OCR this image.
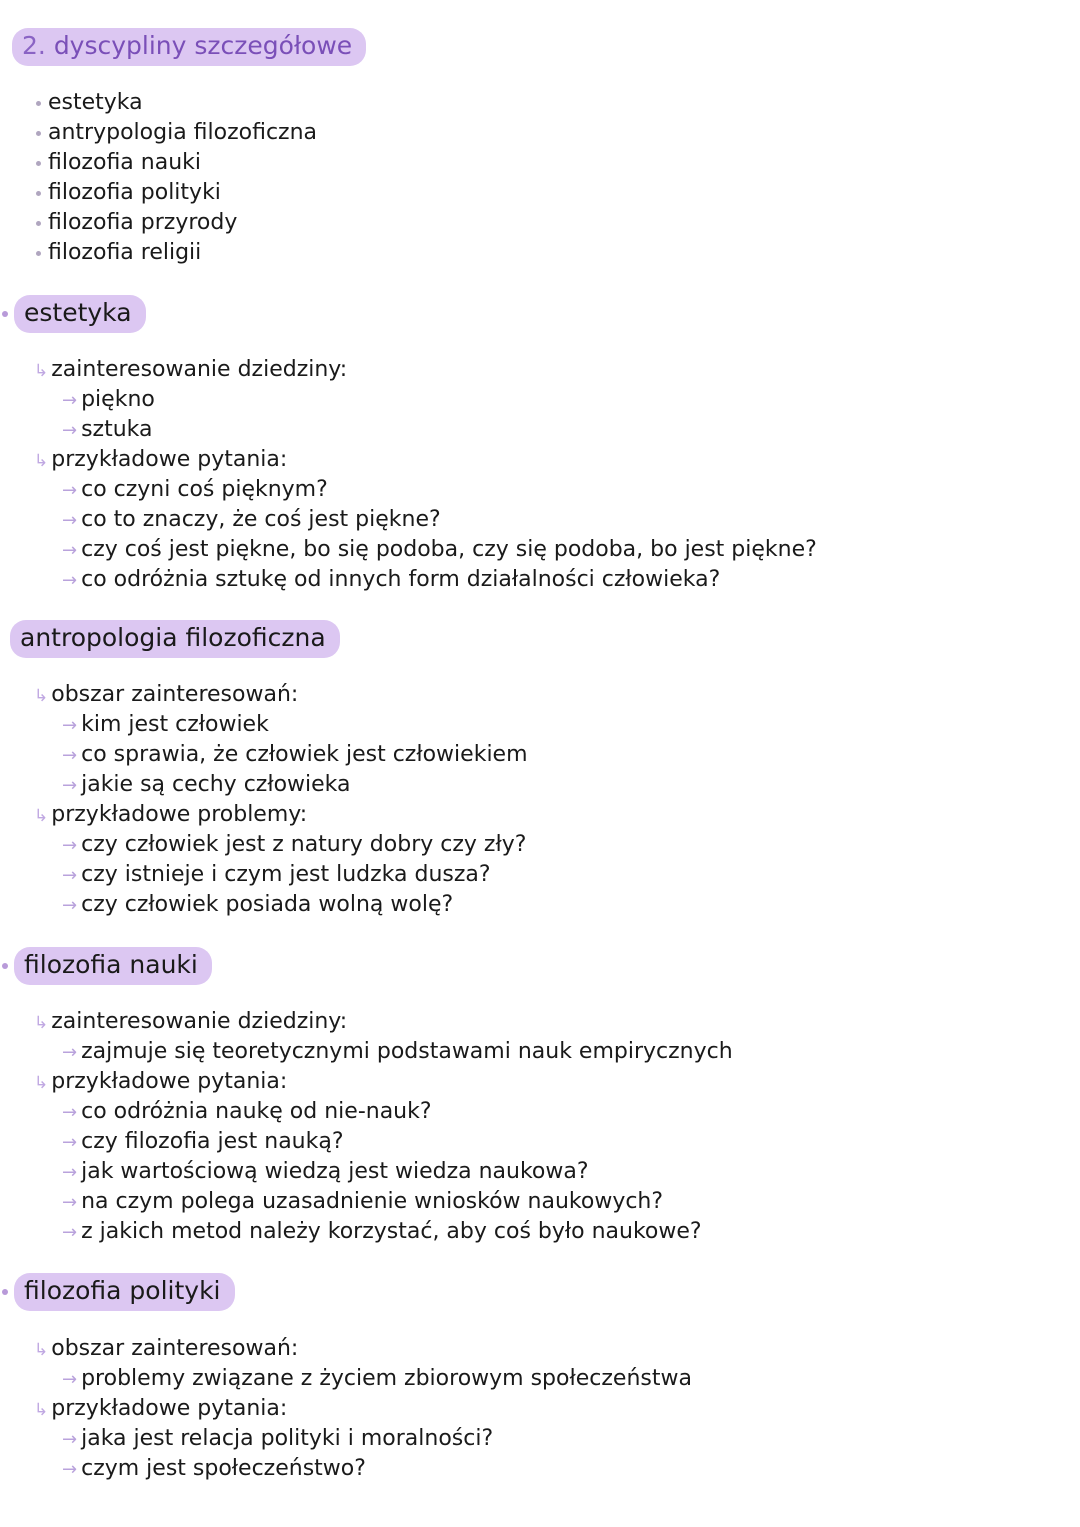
2. dyscypliny szczegółowe
estetyka
antrypologia filozoficzna
filozofia nauki
filozofia polityki
filozofia przyrody
filozofia religii
estetyka
↳ zainteresowanie dziedziny:
→ piękno
→ sztuka
↳ przykładowe pytania:
→ co czyni coś pięknym?
→ co to znaczy, że coś jest piękne?
→ czy coś jest piękne, bo się podoba, czy się podoba, bo jest piękne?
→ co odróżnia sztukę od innych form działalności człowieka?
antropologia filozoficzna
↳ obszar zainteresowań:
→ kim jest człowiek
→ co sprawia, że człowiek jest człowiekiem
→ jakie są cechy człowieka
↳ przykładowe problemy:
→ czy człowiek jest z natury dobry czy zły?
→ czy istnieje i czym jest ludzka dusza?
→ czy człowiek posiada wolną wolę?
filozofia nauki
↳ zainteresowanie dziedziny:
→ zajmuje się teoretycznymi podstawami nauk empirycznych
↳ przykładowe pytania:
→ co odróżnia naukę od nie-nauk?
→ czy filozofia jest nauką?
→ jak wartościową wiedzą jest wiedza naukowa?
→ na czym polega uzasadnienie wniosków naukowych?
→ z jakich metod należy korzystać, aby coś było naukowe?
filozofia polityki
↳ obszar zainteresowań:
→ problemy związane z życiem zbiorowym społeczeństwa
↳ przykładowe pytania:
→ jaka jest relacja polityki i moralności?
→ czym jest społeczeństwo?
